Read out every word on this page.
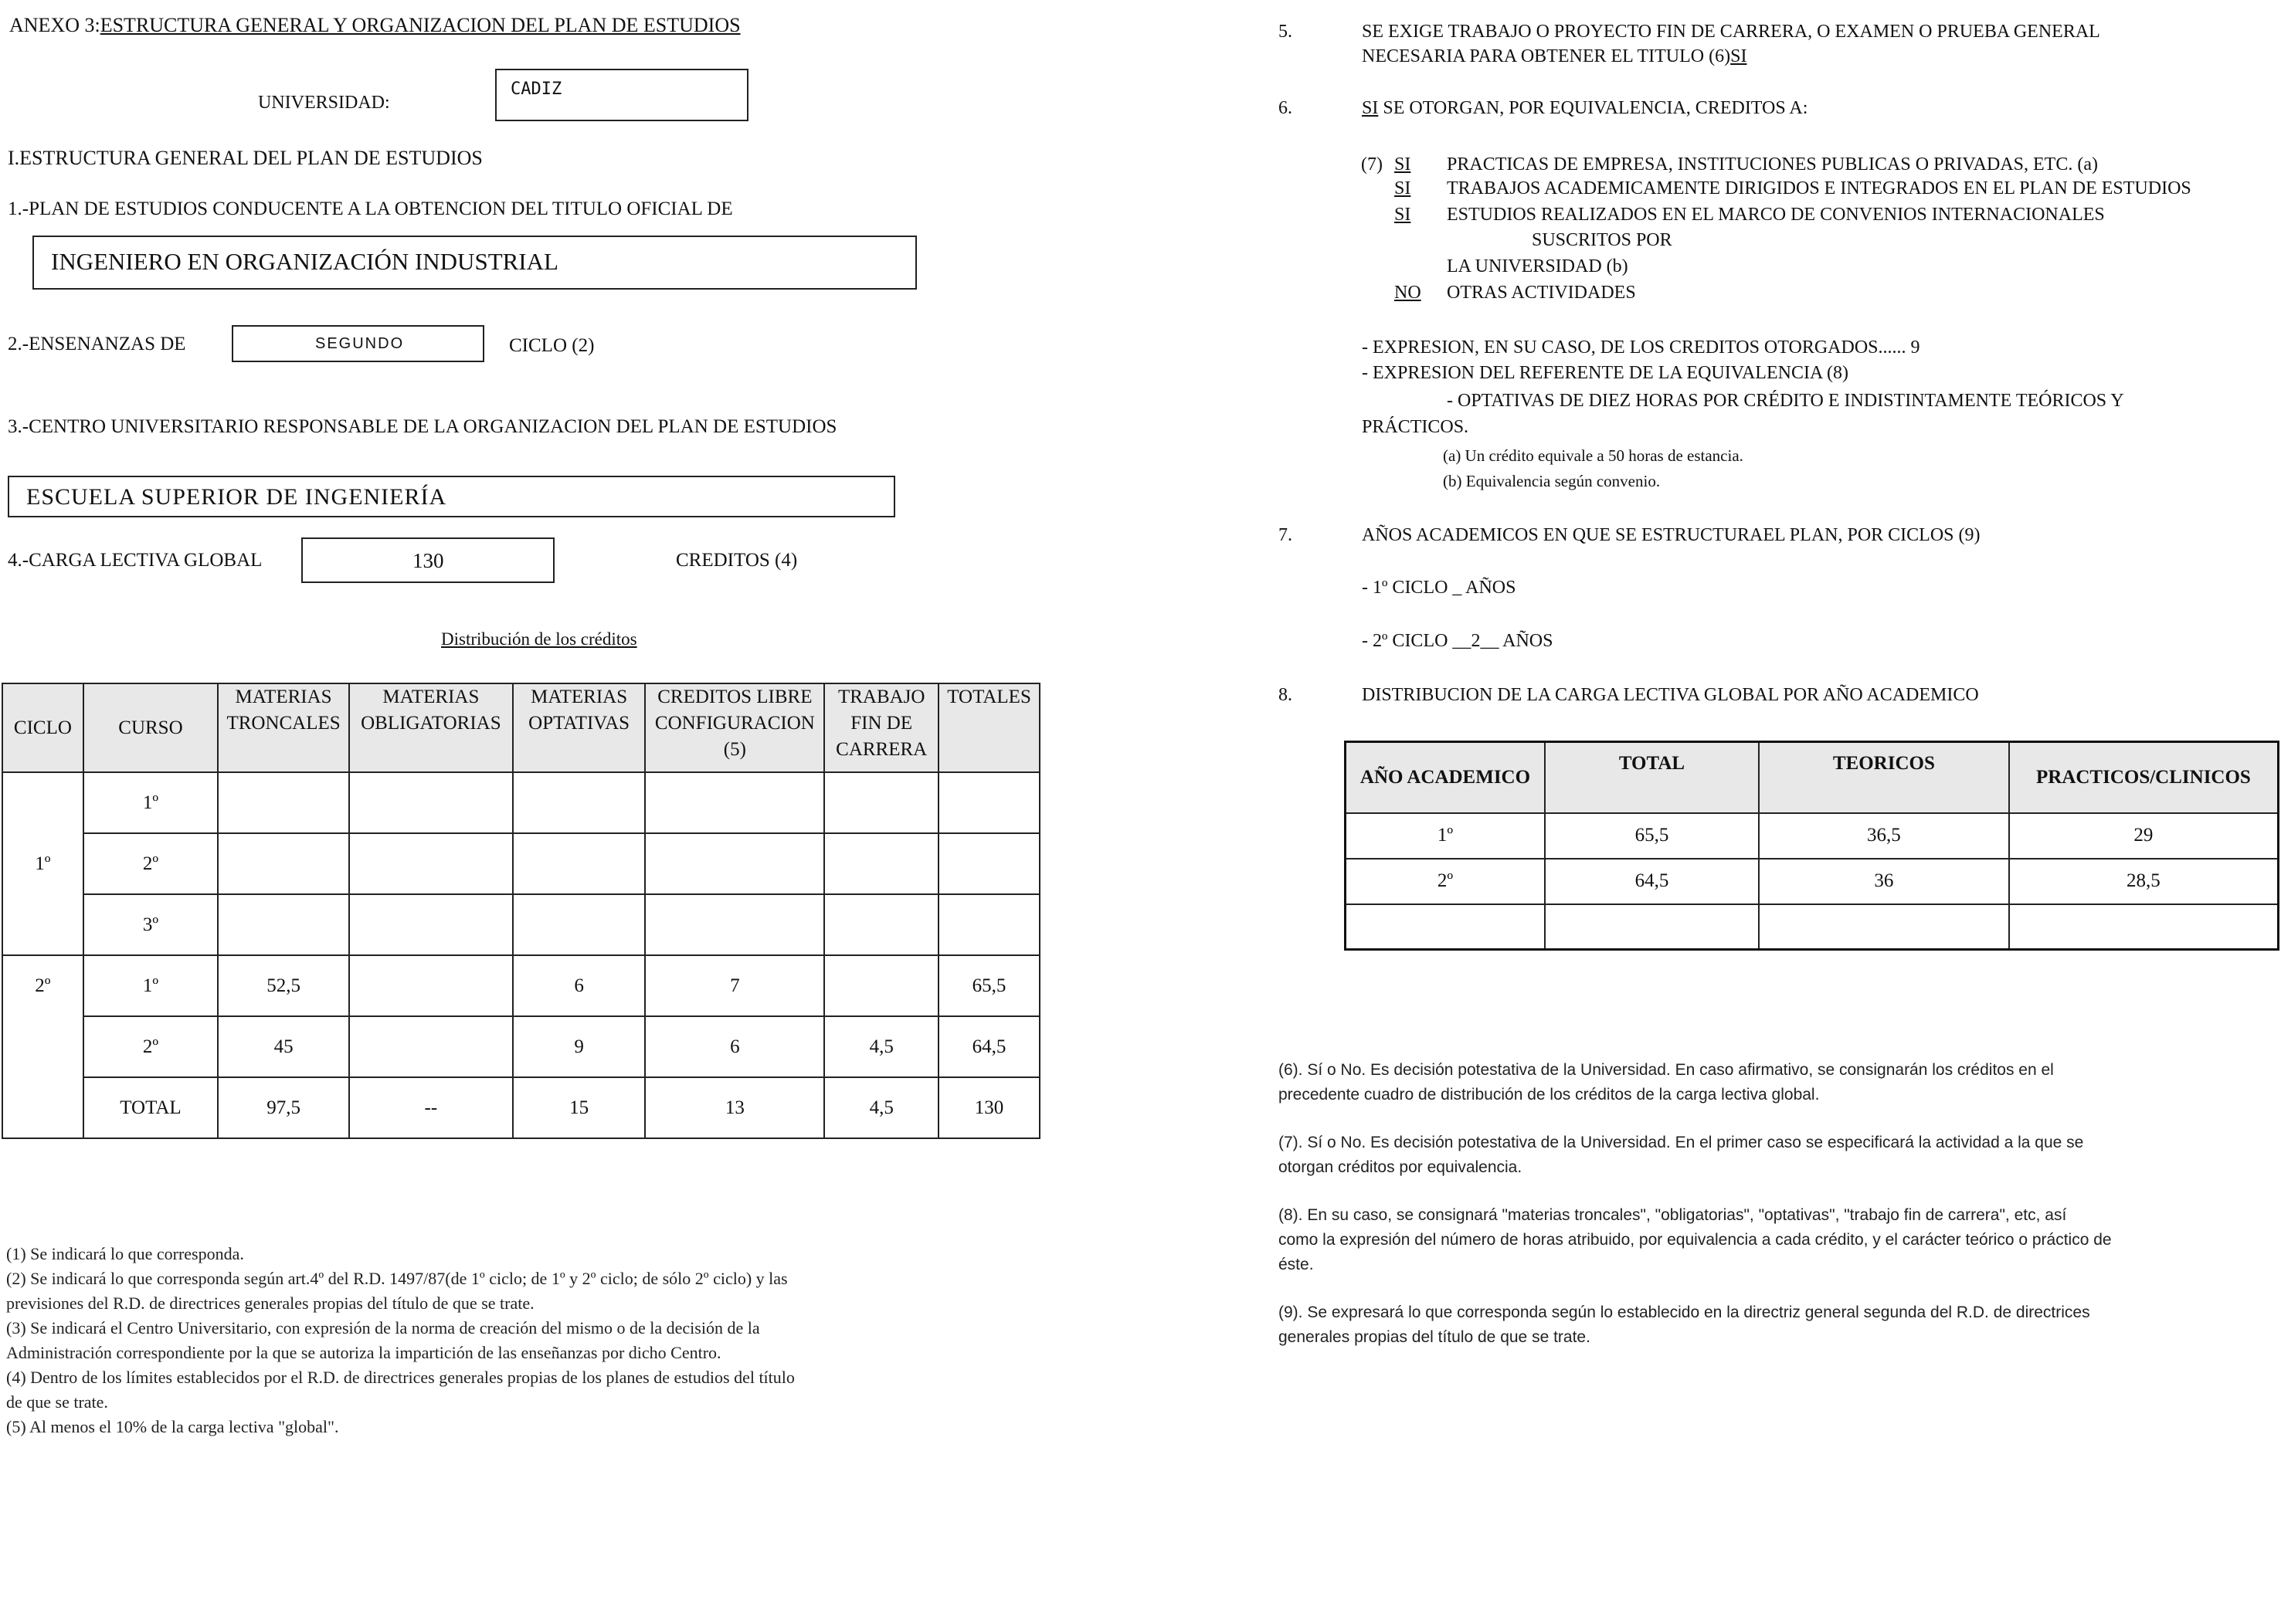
ANEXO 3:ESTRUCTURA GENERAL Y ORGANIZACION DEL PLAN DE ESTUDIOS
UNIVERSIDAD:
CADIZ
I.ESTRUCTURA GENERAL DEL PLAN DE ESTUDIOS
1.-PLAN DE ESTUDIOS CONDUCENTE A LA OBTENCION DEL TITULO OFICIAL DE
INGENIERO EN ORGANIZACIÓN INDUSTRIAL
2.-ENSENANZAS DE	SEGUNDO	CICLO (2)
3.-CENTRO UNIVERSITARIO RESPONSABLE DE LA ORGANIZACION DEL PLAN DE ESTUDIOS
ESCUELA SUPERIOR DE INGENIERÍA
4.-CARGA LECTIVA GLOBAL	130	CREDITOS (4)
Distribución de los créditos
CICLO	CURSO	MATERIAS TRONCALES	MATERIAS OBLIGATORIAS	MATERIAS OPTATIVAS	CREDITOS LIBRE CONFIGURACION (5)	TRABAJO FIN DE CARRERA	TOTALES
1º	1º						
	2º						
	3º						
2º	1º	52,5		6	7		65,5
	2º	45		9	6	4,5	64,5
	TOTAL	97,5	--	15	13	4,5	130
(1) Se indicará lo que corresponda.
(2) Se indicará lo que corresponda según art.4º del R.D. 1497/87(de 1º ciclo; de 1º y 2º ciclo; de sólo 2º ciclo) y las
previsiones del R.D. de directrices generales propias del título de que se trate.
(3) Se indicará el Centro Universitario, con expresión de la norma de creación del mismo o de la decisión de la
Administración correspondiente por la que se autoriza la impartición de las enseñanzas por dicho Centro.
(4) Dentro de los límites establecidos por el R.D. de directrices generales propias de los planes de estudios del título
de que se trate.
(5) Al menos el 10% de la carga lectiva "global".
5.	SE EXIGE TRABAJO O PROYECTO FIN DE CARRERA, O EXAMEN O PRUEBA GENERAL
NECESARIA PARA OBTENER EL TITULO (6)SI
6.	SI SE OTORGAN, POR EQUIVALENCIA, CREDITOS A:
(7) SI PRACTICAS DE EMPRESA, INSTITUCIONES PUBLICAS O PRIVADAS, ETC. (a)
SI TRABAJOS ACADEMICAMENTE DIRIGIDOS E INTEGRADOS EN EL PLAN DE ESTUDIOS
SI ESTUDIOS REALIZADOS EN EL MARCO DE CONVENIOS INTERNACIONALES
SUSCRITOS POR
LA UNIVERSIDAD (b)
NO OTRAS ACTIVIDADES
- EXPRESION, EN SU CASO, DE LOS CREDITOS OTORGADOS...... 9
- EXPRESION DEL REFERENTE DE LA EQUIVALENCIA (8)
- OPTATIVAS DE DIEZ HORAS POR CRÉDITO E INDISTINTAMENTE TEÓRICOS Y
PRÁCTICOS.
(a) Un crédito equivale a 50 horas de estancia.
(b) Equivalencia según convenio.
7.	AÑOS ACADEMICOS EN QUE SE ESTRUCTURAEL PLAN, POR CICLOS (9)
- 1º CICLO _ AÑOS
- 2º CICLO __2__ AÑOS
8.	DISTRIBUCION DE LA CARGA LECTIVA GLOBAL POR AÑO ACADEMICO
AÑO ACADEMICO	TOTAL	TEORICOS	PRACTICOS/CLINICOS
1º	65,5	36,5	29
2º	64,5	36	28,5

(6). Sí o No. Es decisión potestativa de la Universidad. En caso afirmativo, se consignarán los créditos en el
precedente cuadro de distribución de los créditos de la carga lectiva global.
(7). Sí o No. Es decisión potestativa de la Universidad. En el primer caso se especificará la actividad a la que se
otorgan créditos por equivalencia.
(8). En su caso, se consignará "materias troncales", "obligatorias", "optativas", "trabajo fin de carrera", etc, así
como la expresión del número de horas atribuido, por equivalencia a cada crédito, y el carácter teórico o práctico de
éste.
(9). Se expresará lo que corresponda según lo establecido en la directriz general segunda del R.D. de directrices
generales propias del título de que se trate.
